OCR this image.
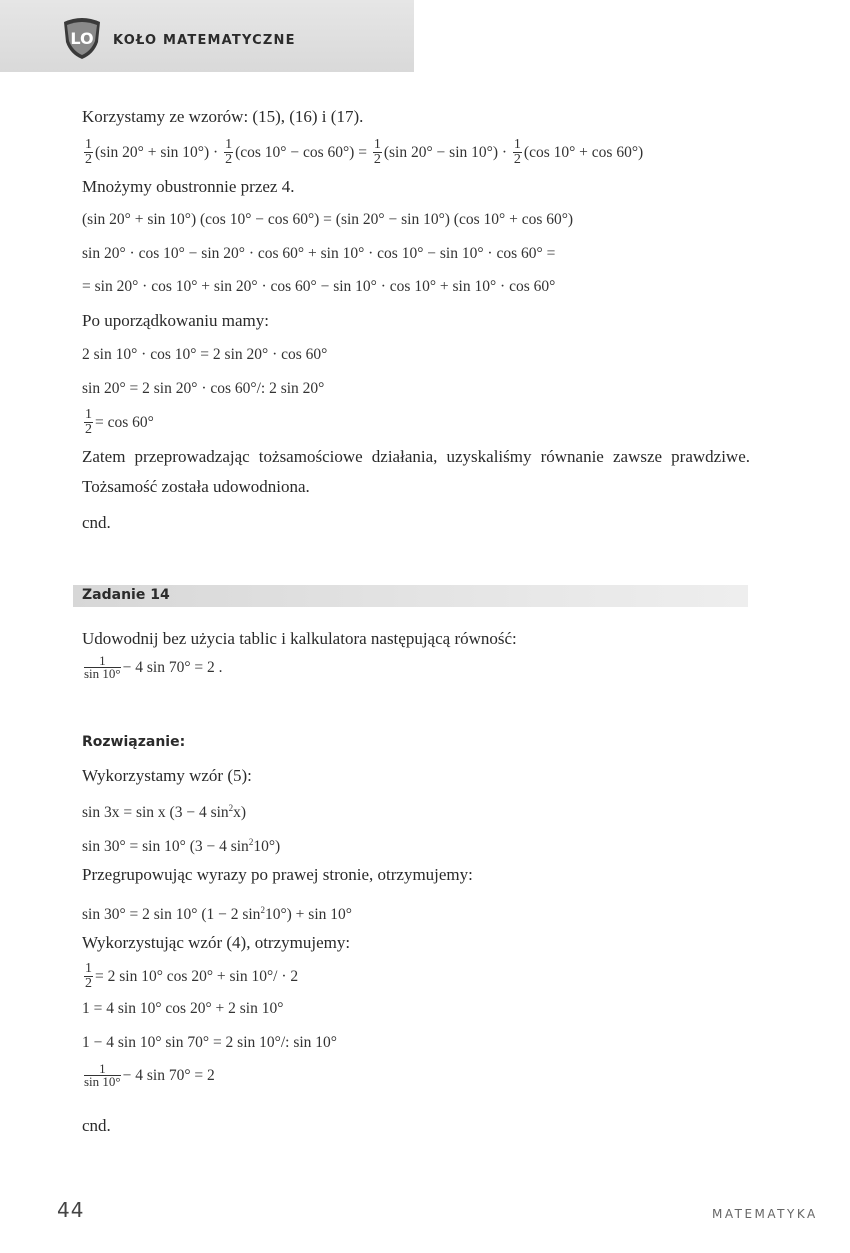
LO KOŁO MATEMATYCZNE
Korzystamy ze wzorów: (15), (16) i (17).
$\frac{1}{2} (\sin$ $20^\circ + \sin 10^\circ) \cdot \frac{1}{2} (\cos$ $10^\circ - \cos 60^\circ) = \frac{1}{2} (\sin$ $20^\circ - \sin 10^\circ) \cdot \frac{1}{2} (\cos$ 10° + cos 60°)
Mnożymy obustronnie przez 4.
(sin 20° + sin 10°) (cos 10° − cos 60°) = (sin 20° − sin 10°) (cos 10° + cos 60°)
sin 20° · cos 10° − sin 20° · cos 60° + sin 10° · cos 10° − sin 10° · cos 60° =
= sin 20° · cos 10° + sin 20° · cos 60° − sin 10° · cos 10° + sin 10° · cos 60°
Po uporządkowaniu mamy:
2 sin 10° · cos 10° = 2 sin 20° · cos 60°
sin 20° = 2 sin 20° · cos 60°/: 2 sin 20°
$\frac{1}{2} = \cos 60^\circ$
Zatem przeprowadzając tożsamościowe działania, uzyskaliśmy równanie zawsze prawdziwe. Tożsamość została udowodniona.
cnd.
Zadanie 14
Udowodnij bez użycia tablic i kalkulatora następującą równość:
$\frac{1}{\sin 10^\circ} - 4$ sin 70° = 2 .
Rozwiązanie:
Wykorzystamy wzór (5):
sin 3x = sin x (3 − 4 $\sin^2x$)
sin 30° = sin 10° (3 − 4 $\sin^210^\circ$)
Przegrupowując wyrazy po prawej stronie, otrzymujemy:
sin 30° = 2 sin 10° (1 − 2 $\sin^210^\circ) + \sin 10^\circ$
Wykorzystując wzór (4), otrzymujemy:
$\frac{1}{2} = 2$ sin 10° cos 20° + sin 10°/ · 2
1 = 4 sin 10° cos 20° + 2 sin 10°
1 − 4 sin 10° sin 70° = 2 sin 10°/: sin 10°
$\frac{1}{\sin 10^\circ} - 4$ sin 70° = 2
cnd.
44	MATEMATYKA
